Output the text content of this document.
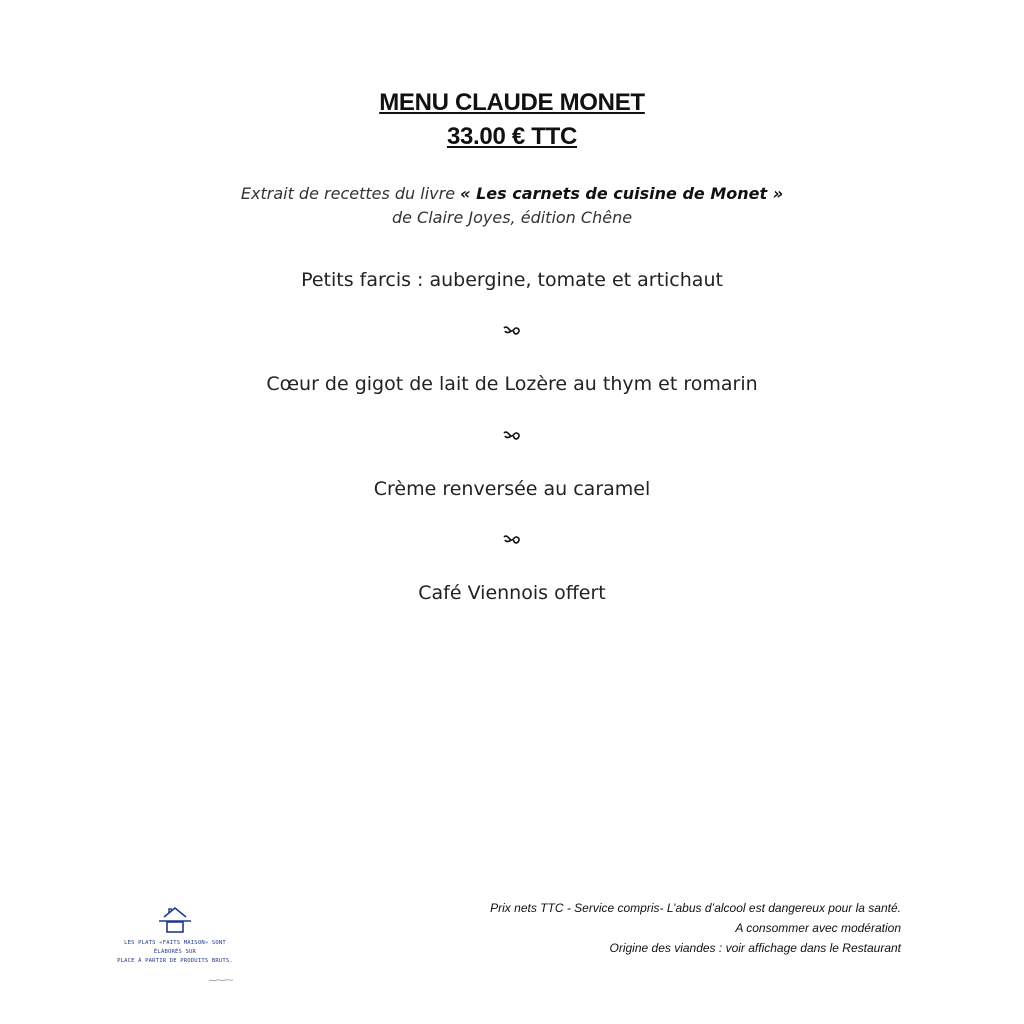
MENU CLAUDE MONET
33.00 € TTC
Extrait de recettes du livre « Les carnets de cuisine de Monet »
de Claire Joyes, édition Chêne
Petits farcis : aubergine, tomate et artichaut
Cœur de gigot de lait de Lozère au thym et romarin
Crème renversée au caramel
Café Viennois offert
LES PLATS «FAITS MAISON» SONT ÉLABORÉS SUR
PLACE À PARTIR DE PRODUITS BRUTS.
Prix nets TTC - Service compris- L’abus d’alcool est dangereux pour la santé.
A consommer avec modération
Origine des viandes : voir affichage dans le Restaurant
